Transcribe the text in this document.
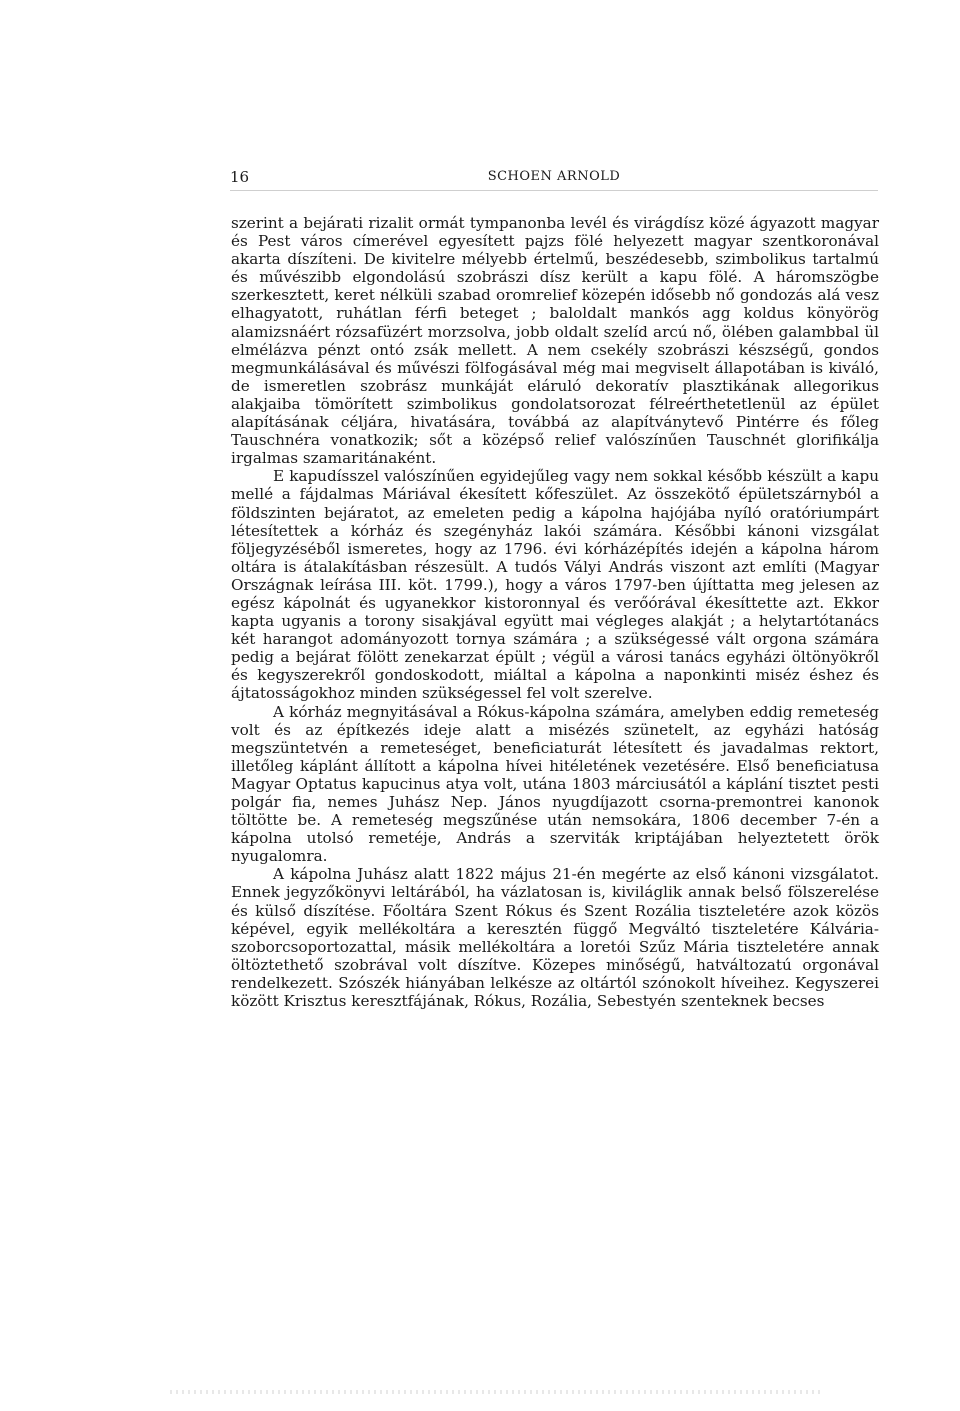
16	SCHOEN ARNOLD

szerint a bejárati rizalit ormát tympanonba levél és virágdísz közé ágyazott magyar és Pest város címerével egyesített pajzs fölé helyezett magyar szentkoronával akarta díszíteni. De kivitelre mélyebb értelmű, beszédesebb, szimbolikus tartalmú és művészibb elgondolású szobrászi dísz került a kapu fölé. A háromszögbe szerkesztett, keret nélküli szabad oromrelief közepén idősebb nő gondozás alá vesz elhagyatott, ruhátlan férfi beteget ; baloldalt mankós agg koldus könyörög alamizsnáért rózsafüzért morzsolva, jobb oldalt szelíd arcú nő, ölében galambbal ül elmélázva pénzt ontó zsák mellett. A nem csekély szobrászi készségű, gondos megmunkálásával és művészi fölfogásával még mai megviselt állapotában is kiváló, de ismeretlen szobrász munkáját eláruló dekoratív plasztikának allegorikus alakjaiba tömörített szimbolikus gondolatsorozat félreérthetetlenül az épület alapításának céljára, hivatására, továbbá az alapítványtevő Pintérre és főleg Tauschnéra vonatkozik; sőt a középső relief valószínűen Tauschnét glorifikálja irgalmas szamaritánaként.

E kapudísszel valószínűen egyidejűleg vagy nem sokkal később készült a kapu mellé a fájdalmas Máriával ékesített kőfeszület. Az összekötő épületszárnyból a földszinten bejáratot, az emeleten pedig a kápolna hajójába nyíló oratóriumpárt létesítettek a kórház és szegényház lakói számára. Későbbi kánoni vizsgálat följegyzéséből ismeretes, hogy az 1796. évi kórházépítés idején a kápolna három oltára is átalakításban részesült. A tudós Vályi András viszont azt említi (Magyar Országnak leírása III. köt. 1799.), hogy a város 1797-ben újíttatta meg jelesen az egész kápolnát és ugyanekkor kistoronnyal és verőórával ékesíttette azt. Ekkor kapta ugyanis a torony sisakjával együtt mai végleges alakját ; a helytartótanács két harangot adományozott tornya számára ; a szükségessé vált orgona számára pedig a bejárat fölött zenekarzat épült ; végül a városi tanács egyházi öltönyökről és kegyszerekről gondoskodott, miáltal a kápolna a naponkinti miséz éshez és ájtatosságokhoz minden szükségessel fel volt szerelve.

A kórház megnyitásával a Rókus-kápolna számára, amelyben eddig remeteség volt és az építkezés ideje alatt a misézés szünetelt, az egyházi hatóság megszüntetvén a remeteséget, beneficiaturát létesített és javadalmas rektort, illetőleg káplánt állított a kápolna hívei hitéletének vezetésére. Első beneficiatusa Magyar Optatus kapucinus atya volt, utána 1803 márciusától a káplání tisztet pesti polgár fia, nemes Juhász Nep. János nyugdíjazott csorna-premontrei kanonok töltötte be. A remeteség megszűnése után nemsokára, 1806 december 7-én a kápolna utolsó remetéje, András a szerviták kriptájában helyeztetett örök nyugalomra.

A kápolna Juhász alatt 1822 május 21-én megérte az első kánoni vizsgálatot. Ennek jegyzőkönyvi leltárából, ha vázlatosan is, kiviláglik annak belső fölszerelése és külső díszítése. Főoltára Szent Rókus és Szent Rozália tiszteletére azok közös képével, egyik mellékoltára a keresztén függő Megváltó tiszteletére Kálvária-szoborcsoportozattal, másik mellékoltára a loretói Szűz Mária tiszteletére annak öltöztethető szobrával volt díszítve. Közepes minőségű, hatváltozatú orgonával rendelkezett. Szószék hiányában lelkésze az oltártól szónokolt híveihez. Kegyszerei között Krisztus keresztfájának, Rókus, Rozália, Sebestyén szenteknek becses
